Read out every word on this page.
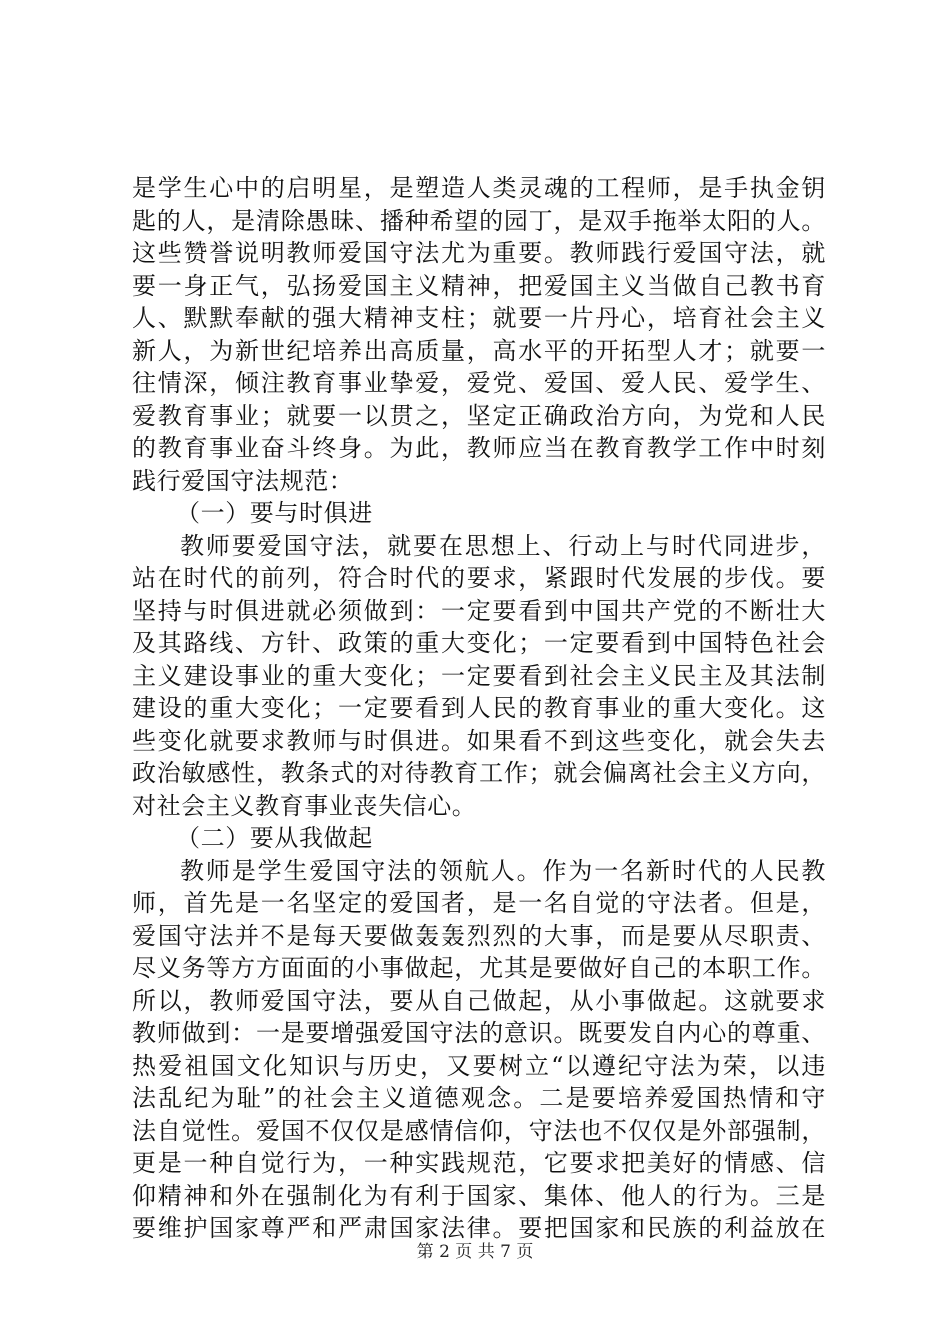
是学生心中的启明星，是塑造人类灵魂的工程师，是手执金钥
匙的人，是清除愚昧、播种希望的园丁，是双手拖举太阳的人。
这些赞誉说明教师爱国守法尤为重要。教师践行爱国守法，就
要一身正气，弘扬爱国主义精神，把爱国主义当做自己教书育
人、默默奉献的强大精神支柱；就要一片丹心，培育社会主义
新人，为新世纪培养出高质量，高水平的开拓型人才；就要一
往情深，倾注教育事业挚爱，爱党、爱国、爱人民、爱学生、
爱教育事业；就要一以贯之，坚定正确政治方向，为党和人民
的教育事业奋斗终身。为此，教师应当在教育教学工作中时刻
践行爱国守法规范：
（一）要与时俱进
教师要爱国守法，就要在思想上、行动上与时代同进步，
站在时代的前列，符合时代的要求，紧跟时代发展的步伐。要
坚持与时俱进就必须做到：一定要看到中国共产党的不断壮大
及其路线、方针、政策的重大变化；一定要看到中国特色社会
主义建设事业的重大变化；一定要看到社会主义民主及其法制
建设的重大变化；一定要看到人民的教育事业的重大变化。这
些变化就要求教师与时俱进。如果看不到这些变化，就会失去
政治敏感性，教条式的对待教育工作；就会偏离社会主义方向，
对社会主义教育事业丧失信心。
（二）要从我做起
教师是学生爱国守法的领航人。作为一名新时代的人民教
师，首先是一名坚定的爱国者，是一名自觉的守法者。但是，
爱国守法并不是每天要做轰轰烈烈的大事，而是要从尽职责、
尽义务等方方面面的小事做起，尤其是要做好自己的本职工作。
所以，教师爱国守法，要从自己做起，从小事做起。这就要求
教师做到：一是要增强爱国守法的意识。既要发自内心的尊重、
热爱祖国文化知识与历史，又要树立“以遵纪守法为荣，以违
法乱纪为耻”的社会主义道德观念。二是要培养爱国热情和守
法自觉性。爱国不仅仅是感情信仰，守法也不仅仅是外部强制，
更是一种自觉行为，一种实践规范，它要求把美好的情感、信
仰精神和外在强制化为有利于国家、集体、他人的行为。三是
要维护国家尊严和严肃国家法律。要把国家和民族的利益放在
第 2 页 共 7 页
